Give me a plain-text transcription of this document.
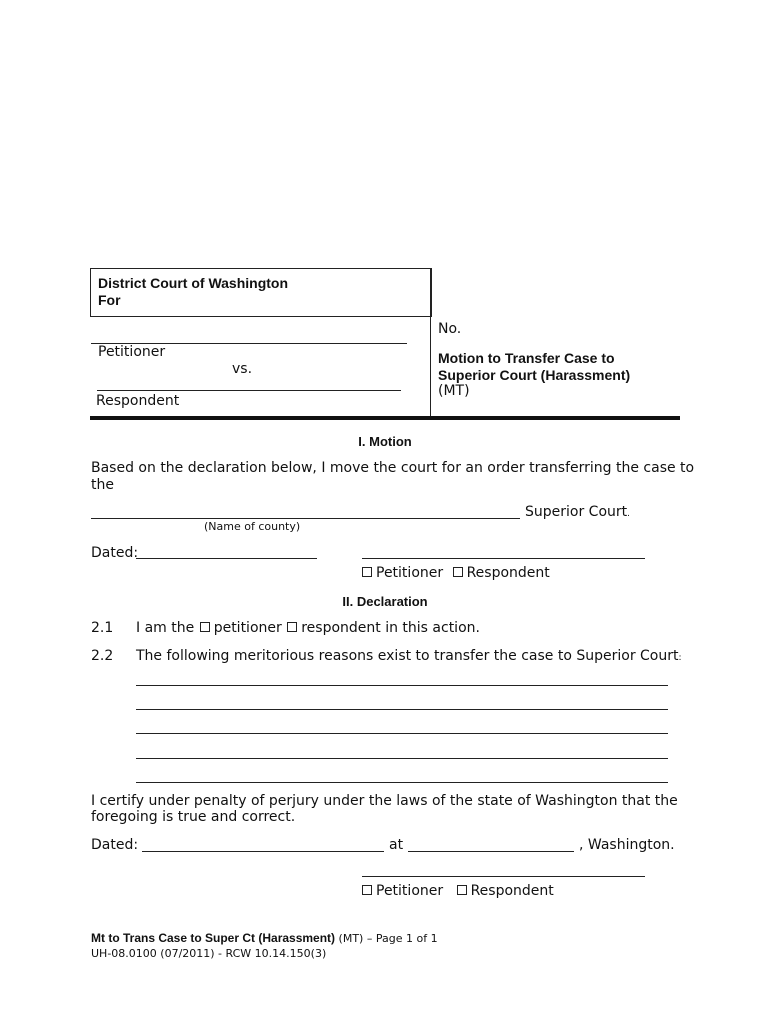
District Court of Washington
For
Petitioner
vs.
Respondent
No.
Motion to Transfer Case to
Superior Court (Harassment)
(MT)
I. Motion
Based on the declaration below, I move the court for an order transferring the case to
the
Superior Court.
(Name of county)
Dated:
Petitioner Respondent
II. Declaration
2.1 I am the petitioner respondent in this action.
2.2 The following meritorious reasons exist to transfer the case to Superior Court:
I certify under penalty of perjury under the laws of the state of Washington that the
foregoing is true and correct.
Dated:	at	, Washington.
Petitioner Respondent
Mt to Trans Case to Super Ct (Harassment) (MT) – Page 1 of 1
UH-08.0100 (07/2011) - RCW 10.14.150(3)
